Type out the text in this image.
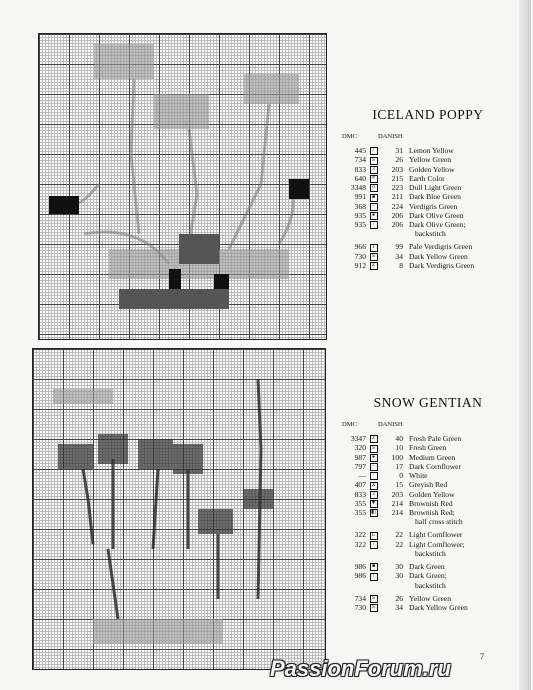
ICELAND POPPY
DMC	DANISH
445	/	31 Lemon Yellow
734	S	26 Yellow Green
833	3	203 Golden Yellow
640	#	215 Earth Color
3348	o	223 Dull Light Green
991	■	211 Dark Blue Green
368	–	224 Verdigris Green
935	●	206 Dark Olive Green
935	\	206 Dark Olive Green;
backstitch
966	I	99 Pale Verdigris Green
730	S	34 Dark Yellow Green
912	Z	8 Dark Verdigris Green
SNOW GENTIAN
DMC	DANISH
3347	Z	40 Fresh Pale Green
320	S	10 Fresh Green
987	●	100 Medium Green
797	–	17 Dark Cornflower
—	·	0 White
407	X	15 Greyish Red
833	3	203 Golden Yellow
355	▼	214 Brownish Red
355	◧	214 Brownish Red;
half cross stitch
322	L	22 Light Cornflower
322	⁞	22 Light Cornflower;
backstitch
986	■	30 Dark Green
986	⁞	30 Dark Green;
backstitch
734	S	26 Yellow Green
730	S	34 Dark Yellow Green
7
PassionForum.ru
